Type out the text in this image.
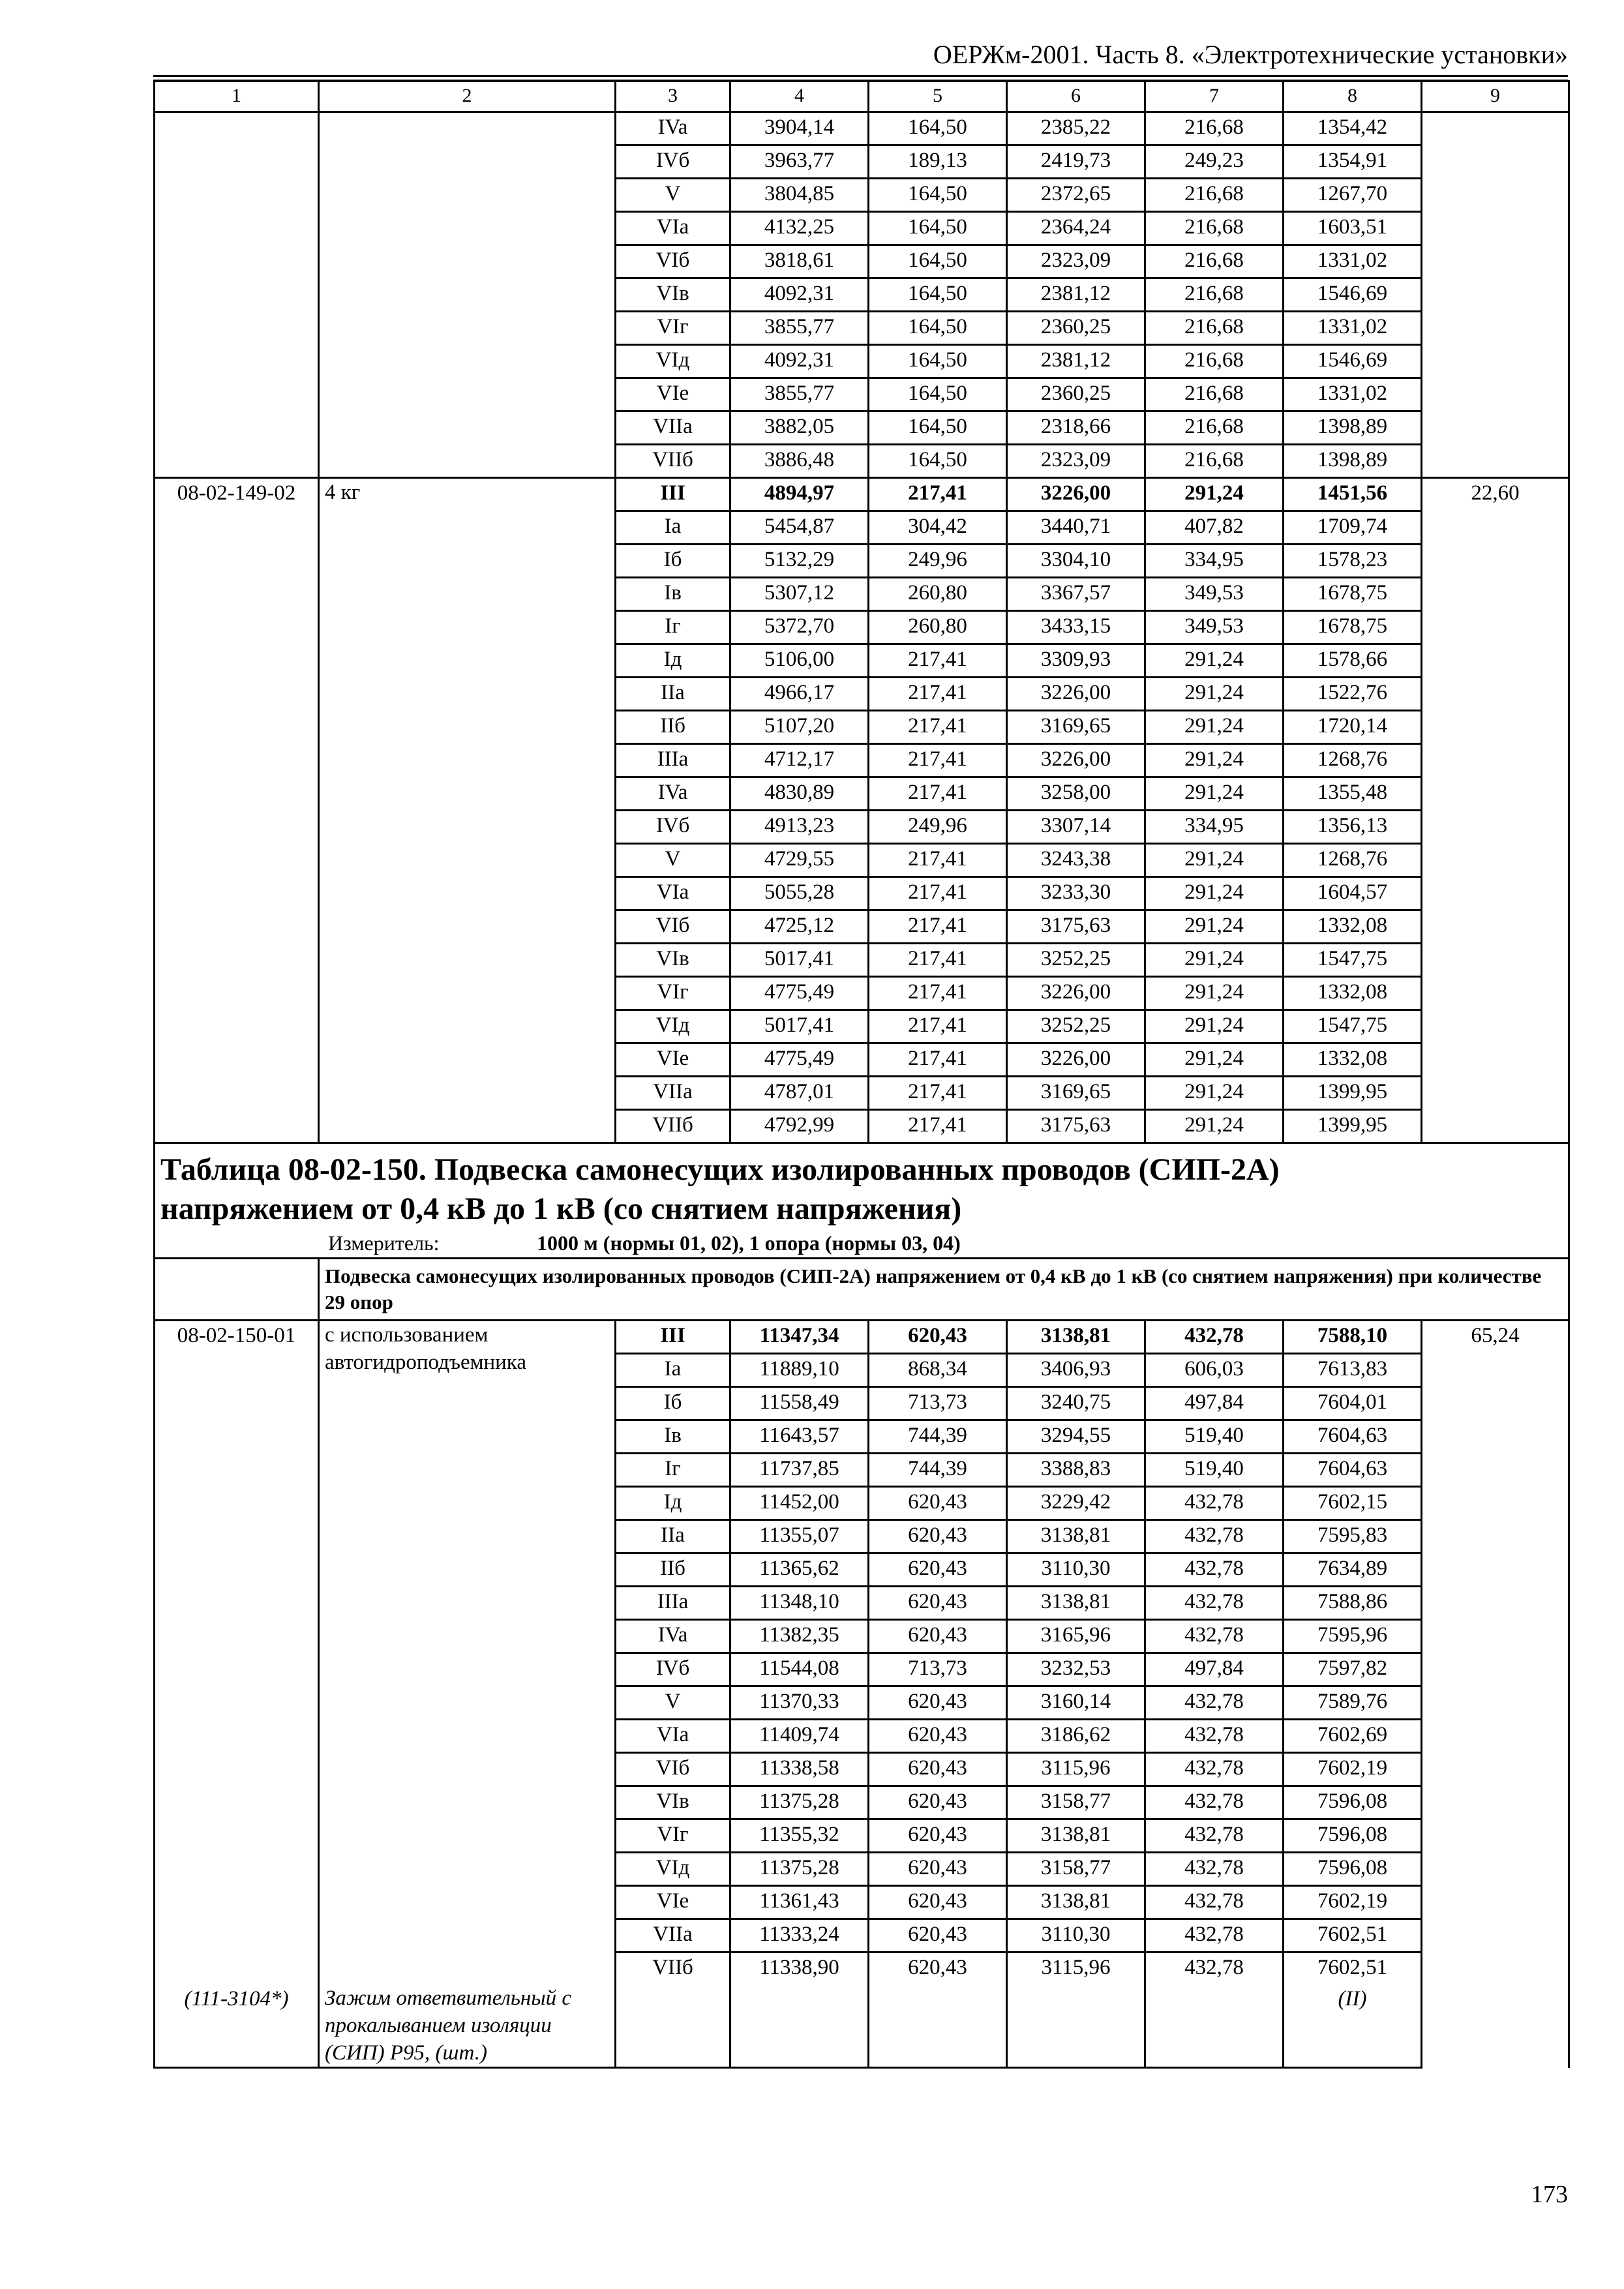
ОЕРЖм-2001. Часть 8. «Электротехнические установки»
1	2	3	4	5	6	7	8	9
		IVa	3904,14	164,50	2385,22	216,68	1354,42	
		IVб	3963,77	189,13	2419,73	249,23	1354,91	
		V	3804,85	164,50	2372,65	216,68	1267,70	
		VIa	4132,25	164,50	2364,24	216,68	1603,51	
		VIб	3818,61	164,50	2323,09	216,68	1331,02	
		VIв	4092,31	164,50	2381,12	216,68	1546,69	
		VIг	3855,77	164,50	2360,25	216,68	1331,02	
		VIд	4092,31	164,50	2381,12	216,68	1546,69	
		VIe	3855,77	164,50	2360,25	216,68	1331,02	
		VIIa	3882,05	164,50	2318,66	216,68	1398,89	
		VIIб	3886,48	164,50	2323,09	216,68	1398,89	
08-02-149-02	4 кг	III	4894,97	217,41	3226,00	291,24	1451,56	22,60
		Ia	5454,87	304,42	3440,71	407,82	1709,74	
		Iб	5132,29	249,96	3304,10	334,95	1578,23	
		Iв	5307,12	260,80	3367,57	349,53	1678,75	
		Iг	5372,70	260,80	3433,15	349,53	1678,75	
		Iд	5106,00	217,41	3309,93	291,24	1578,66	
		IIa	4966,17	217,41	3226,00	291,24	1522,76	
		IIб	5107,20	217,41	3169,65	291,24	1720,14	
		IIIa	4712,17	217,41	3226,00	291,24	1268,76	
		IVa	4830,89	217,41	3258,00	291,24	1355,48	
		IVб	4913,23	249,96	3307,14	334,95	1356,13	
		V	4729,55	217,41	3243,38	291,24	1268,76	
		VIa	5055,28	217,41	3233,30	291,24	1604,57	
		VIб	4725,12	217,41	3175,63	291,24	1332,08	
		VIв	5017,41	217,41	3252,25	291,24	1547,75	
		VIг	4775,49	217,41	3226,00	291,24	1332,08	
		VIд	5017,41	217,41	3252,25	291,24	1547,75	
		VIe	4775,49	217,41	3226,00	291,24	1332,08	
		VIIa	4787,01	217,41	3169,65	291,24	1399,95	
		VIIб	4792,99	217,41	3175,63	291,24	1399,95	

Таблица 08-02-150. Подвеска самонесущих изолированных проводов (СИП-2А)
напряжением от 0,4 кВ до 1 кВ (со снятием напряжения)
Измеритель: 1000 м (нормы 01, 02), 1 опора (нормы 03, 04)								

	Подвеска самонесущих изолированных проводов (СИП-2А) напряжением от 0,4 кВ до 1 кВ (со снятием напряжения) при количестве 29 опор							
08-02-150-01	с использованием автогидроподъемника	III	11347,34	620,43	3138,81	432,78	7588,10	65,24
		Ia	11889,10	868,34	3406,93	606,03	7613,83	
		Iб	11558,49	713,73	3240,75	497,84	7604,01	
		Iв	11643,57	744,39	3294,55	519,40	7604,63	
		Iг	11737,85	744,39	3388,83	519,40	7604,63	
		Iд	11452,00	620,43	3229,42	432,78	7602,15	
		IIa	11355,07	620,43	3138,81	432,78	7595,83	
		IIб	11365,62	620,43	3110,30	432,78	7634,89	
		IIIa	11348,10	620,43	3138,81	432,78	7588,86	
		IVa	11382,35	620,43	3165,96	432,78	7595,96	
		IVб	11544,08	713,73	3232,53	497,84	7597,82	
		V	11370,33	620,43	3160,14	432,78	7589,76	
		VIa	11409,74	620,43	3186,62	432,78	7602,69	
		VIб	11338,58	620,43	3115,96	432,78	7602,19	
		VIв	11375,28	620,43	3158,77	432,78	7596,08	
		VIг	11355,32	620,43	3138,81	432,78	7596,08	
		VIд	11375,28	620,43	3158,77	432,78	7596,08	
		VIe	11361,43	620,43	3138,81	432,78	7602,19	
		VIIa	11333,24	620,43	3110,30	432,78	7602,51	
		VIIб	11338,90	620,43	3115,96	432,78	7602,51	
(111-3104*)	Зажим ответвительный с прокалыванием изоляции (СИП) P95, (шт.)						(II)	
173
